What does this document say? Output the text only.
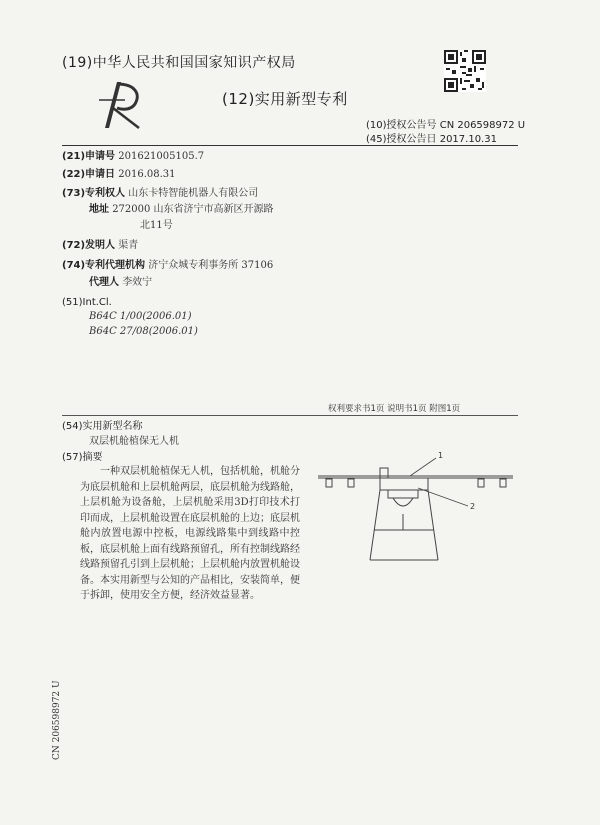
(19)中华人民共和国国家知识产权局
(12)实用新型专利
(10)授权公告号 CN 206598972 U
(45)授权公告日 2017.10.31
(21)申请号 201621005105.7
(22)申请日 2016.08.31
(73)专利权人 山东卡特智能机器人有限公司
地址 272000 山东省济宁市高新区开源路
北11号
(72)发明人 渠青
(74)专利代理机构 济宁众城专利事务所 37106
代理人 李效宁
(51)Int.Cl.
B64C 1/00(2006.01)
B64C 27/08(2006.01)
权利要求书1页 说明书1页 附图1页
(54)实用新型名称
双层机舱植保无人机
(57)摘要
一种双层机舱植保无人机，包括机舱，机舱分为底层机舱和上层机舱两层，底层机舱为线路舱，上层机舱为设备舱，上层机舱采用3D打印技术打印而成，上层机舱设置在底层机舱的上边；底层机舱内放置电源中控板，电源线路集中到线路中控板，底层机舱上面有线路预留孔，所有控制线路经线路预留孔引到上层机舱；上层机舱内放置机舱设备。本实用新型与公知的产品相比，安装简单，便于拆卸，使用安全方便，经济效益显著。
1
2
CN 206598972 U
